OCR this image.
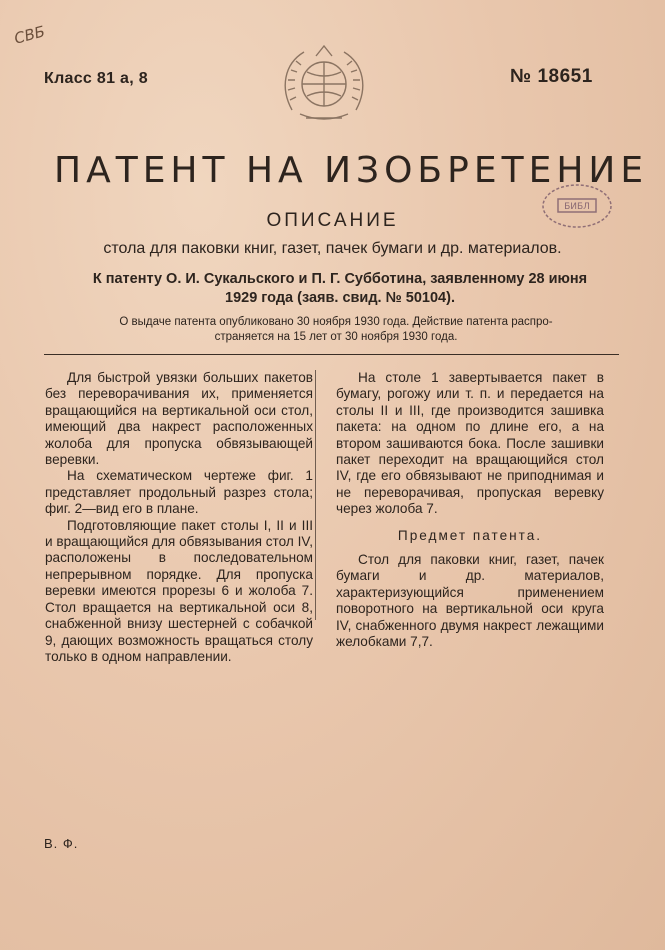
СВБ
Класс 81 а, 8	№ 18651
ПАТЕНТ НА ИЗОБРЕТЕНИЕ
БИБЛ
ОПИСАНИЕ
стола для паковки книг, газет, пачек бумаги и др. материалов.
К патенту О. И. Сукальского и П. Г. Субботина, заявленному 28 июня
1929 года (заяв. свид. № 50104).
О выдаче патента опубликовано 30 ноября 1930 года. Действие патента распро-
страняется на 15 лет от 30 ноября 1930 года.

Для быстрой увязки больших пакетов без переворачивания их, применяется вращающийся на вертикальной оси стол, имеющий два накрест расположенных жолоба для пропуска обвязывающей веревки.

На схематическом чертеже фиг. 1 представляет продольный разрез стола; фиг. 2—вид его в плане.

Подготовляющие пакет столы I, II и III и вращающийся для обвязывания стол IV, расположены в последовательном непрерывном порядке. Для пропуска веревки имеются прорезы 6 и жолоба 7. Стол вращается на вертикальной оси 8, снабженной внизу шестерней с собачкой 9, дающих возможность вращаться столу только в одном направлении.

На столе 1 завертывается пакет в бумагу, рогожу или т. п. и передается на столы II и III, где производится зашивка пакета: на одном по длине его, а на втором зашиваются бока. После зашивки пакет переходит на вращающийся стол IV, где его обвязывают не приподнимая и не переворачивая, пропуская веревку через жолоба 7.

Предмет патента.

Стол для паковки книг, газет, пачек бумаги и др. материалов, характеризующийся применением поворотного на вертикальной оси круга IV, снабженного двумя накрест лежащими желобками 7,7.

В. Ф.
